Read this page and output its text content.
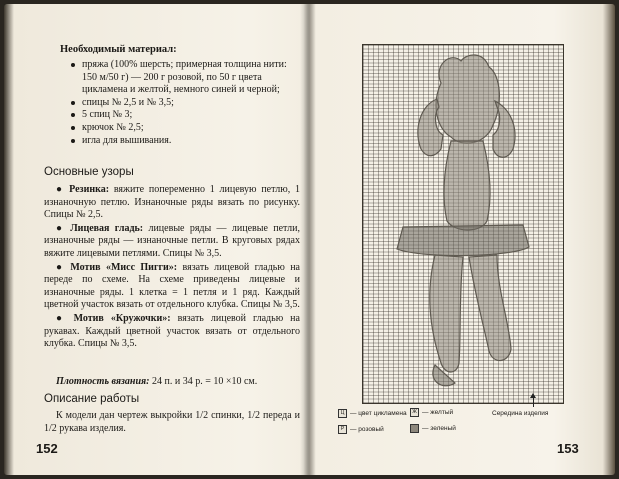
Необходимый материал:
пряжа (100% шерсть; примерная толщина нити: 150 м/50 г) — 200 г розовой, по 50 г цвета цикламена и желтой, немного синей и черной;
спицы № 2,5 и № 3,5;
5 спиц № 3;
крючок № 2,5;
игла для вышивания.
Основные узоры

● Резинка: вяжите попеременно 1 лицевую петлю, 1 изнаночную петлю. Изнаночные ряды вязать по рисунку. Спицы № 2,5.

● Лицевая гладь: лицевые ряды — лицевые петли, изнаночные ряды — изнаночные петли. В круговых рядах вяжите лицевыми петлями. Спицы № 3,5.

● Мотив «Мисс Пигги»: вязать лицевой гладью на переде по схеме. На схеме приведены лицевые и изнаночные ряды. 1 клетка = 1 петля и 1 ряд. Каждый цветной участок вязать от отдельного клубка. Спицы № 3,5.

● Мотив «Кружочки»: вязать лицевой гладью на рукавах. Каждый цветной участок вязать от отдельного клубка. Спицы № 3,5.

Плотность вязания: 24 п. и 34 р. = 10 ×10 см.
Описание работы

К модели дан чертеж выкройки 1/2 спинки, 1/2 переда и 1/2 рукава изделия.

152
Ц — цвет цикламена
Р — розовый
Ж — желтый
— зеленый
Середина изделия
153
